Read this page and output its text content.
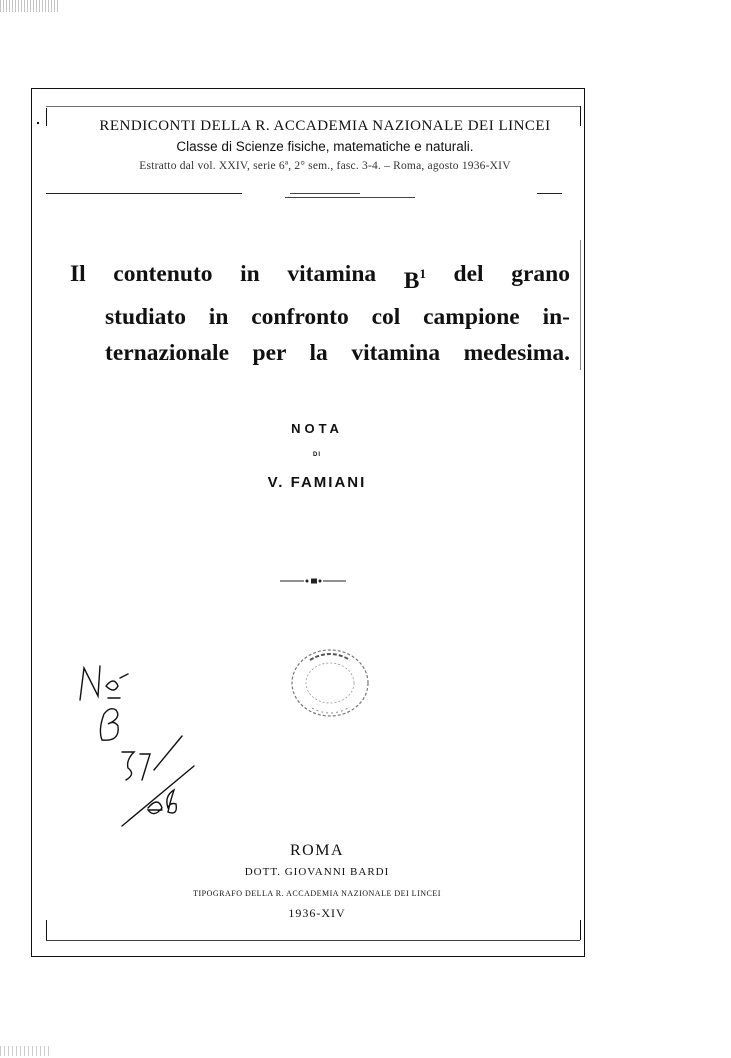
RENDICONTI DELLA R. ACCADEMIA NAZIONALE DEI LINCEI

Classe di Scienze fisiche, matematiche e naturali.
Estratto dal vol. XXIV, serie 6ª, 2° sem., fasc. 3-4. – Roma, agosto 1936-XIV
Il contenuto in vitamina $B^1$ del grano
studiato in confronto col campione in-
ternazionale per la vitamina medesima.
NOTA
DI
V. FAMIANI
ROMA
DOTT. GIOVANNI BARDI
TIPOGRAFO DELLA R. ACCADEMIA NAZIONALE DEI LINCEI
1936-XIV
